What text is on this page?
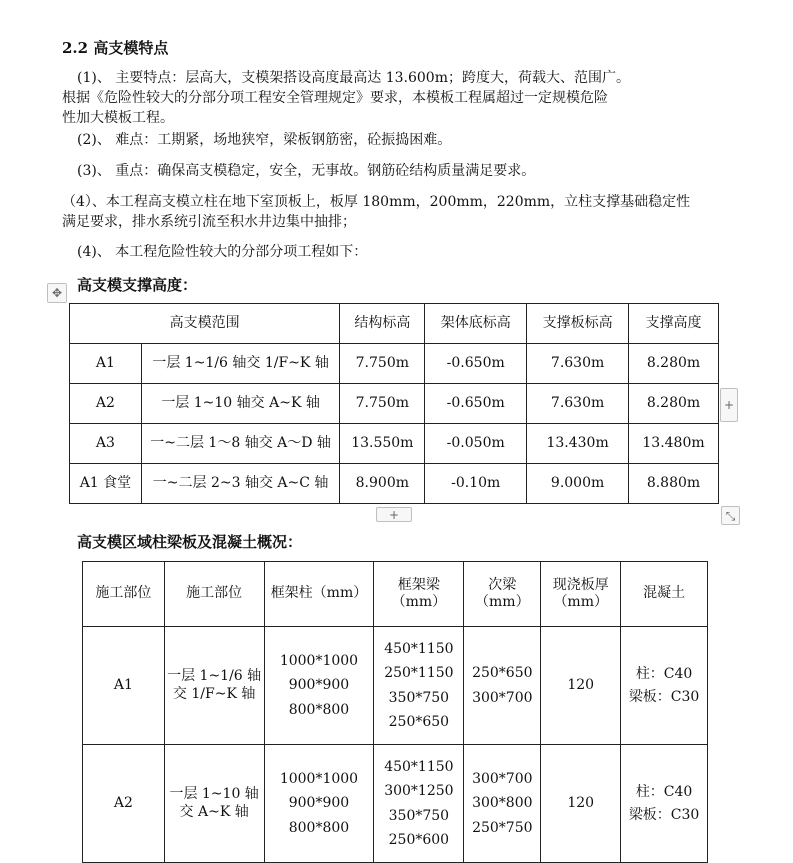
2.2 高支模特点
(1)、 主要特点：层高大，支模架搭设高度最高达 13.600m；跨度大，荷载大、范围广。
根据《危险性较大的分部分项工程安全管理规定》要求，本模板工程属超过一定规模危险
性加大模板工程。
(2)、 难点：工期紧，场地狭窄，梁板钢筋密，砼振捣困难。
(3)、 重点：确保高支模稳定，安全，无事故。钢筋砼结构质量满足要求。
（4）、本工程高支模立柱在地下室顶板上，板厚 180mm，200mm，220mm，立柱支撑基础稳定性
满足要求，排水系统引流至积水井边集中抽排；
(4)、 本工程危险性较大的分部分项工程如下：
高支模支撑高度：
✥
高支模范围		结构标高	架体底标高	支撑板标高	支撑高度
A1	一层 1~1/6 轴交 1/F~K 轴	7.750m	-0.650m	7.630m	8.280m
A2	一层 1~10 轴交 A~K 轴	7.750m	-0.650m	7.630m	8.280m
A3	一~二层 1～8 轴交 A～D 轴	13.550m	-0.050m	13.430m	13.480m
A1 食堂	一~二层 2~3 轴交 A~C 轴	8.900m	-0.10m	9.000m	8.880m
+
+	⤡
高支模区域柱梁板及混凝土概况：
施工部位	施工部位	框架柱（mm）	框架梁
（mm）	次梁（mm）	现浇板厚
（mm）	混凝土
A1	一层 1~1/6 轴
交 1/F~K 轴	1000*1000
900*900
800*800	450*1150
250*1150
350*750
250*650	250*650
300*700	120	柱：C40
梁板：C30
A2	一层 1~10 轴
交 A~K 轴	1000*1000
900*900
800*800	450*1150
300*1250
350*750
250*600	300*700
300*800
250*750	120	柱：C40
梁板：C30
